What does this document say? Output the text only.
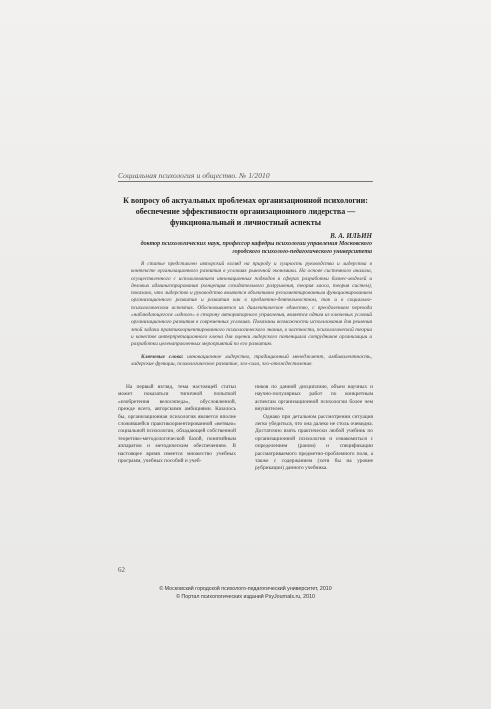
Социальная психология и общество. № 1/2010
К вопросу об актуальных проблемах организационной психологии: обеспечение эффективности организационного лидерства — функциональный и личностный аспекты
В. А. ИЛЬИН
доктор психологических наук, профессор кафедры психологии управления Московского городского психолого-педагогического университета
В статье представлен авторский взгляд на природу и сущность руководства и лидерства в контексте организационного развития в условиях рыночной экономики. На основе системного анализа, осуществленного с использованием инновационных подходов в сферах разработки бизнес-моделей и деловых администрирования (концепция созидательного разрушения, теория хаоса, теория систем), показано, что лидерство и руководство являются объективно регламентированным функционированием организационного развития и развития как в предметно-деятельностном, так и в социально-психологическом аспектах. Обосновывается их диалектическое единство, с преодолением перехода «наблюдающегося «одного» в сторону авторитарного управления, является одним из ключевых условий организационного развития в современных условиях. Показаны возможности использования для решения этой задачи практикоориентированного психологического знания, в частности, психологической теории и качестве интерпретационного ключа для оценки лидерского потенциала сотрудников организации и разработки целенаправленных мероприятий по его развитию.
Ключевые слова: инновационное лидерство, традиционный менеджмент, амбивалентность, лидерские функции, психологическое развитие, эго-сила, эго-отождествление.

На первый взгляд, тема настоящей статьи может показаться типичной попыткой «изобретения велосипеда», обусловленной, прежде всего, авторскими амбициями. Казалось бы, организационная психология является вполне сложившейся практикоориентированной «ветвью» социальной психологии, обладающей собственной теоретико-методологической базой, понятийным аппаратом и методическим обеспечением. В настоящее время имеется множество учебных программ, учебных пособий и учеб-

ников по данной дисциплине, объем научных и научно-популярных работ по конкретным аспектам организационной психологии более чем внушителен.

Однако при детальном рассмотрении ситуация легко убедиться, что она далеко не столь очевидна. Достаточно взять практически любой учебник по организационной психологии и ознакомиться с определением (раном) и спецификации рассматриваемого предметно-проблемного поля, а также с содержанием (хотя бы на уровне рубрикации) данного учебника.

62
© Московский городской психолого-педагогический университет, 2010
© Портал психологических изданий PsyJournals.ru, 2010
